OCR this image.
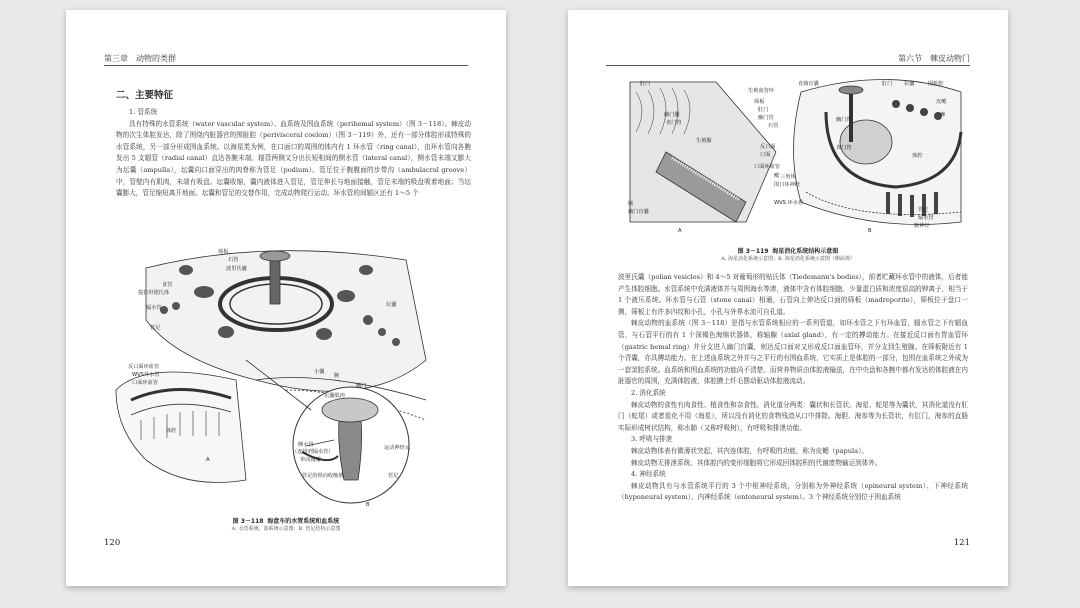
第三章　动物的类群
二、主要特征

1. 管系统

具有特殊的水管系统（water vascular system）、血系统及围血系统（perihemal system）（图 3－118）。棘皮动物的次生体腔发达，除了围绕内脏器官的围脏腔（perivisceral coelom）（图 3－119）外，还有一部分体腔形成特殊的水管系统，另一部分形成围血系统。以海星类为例，在口面口的周围的体内有 1 环水管（ring canal），由环水管向各腕发出 5 支辐管（radial canal）直达各腕末端。辐管两侧又分出长短相间的侧水管（lateral canal），侧水管末端又膨大为坛囊（ampulla），坛囊向口面穿出的肉脊称为管足（podium）。管足位于腕腹面的步带沟（ambulacral groove）中，管壁内有肌肉，末端有吸盘。坛囊收缩，囊内液体进入管足，管足伸长与地面接触，管足末端的吸盘吸着地面；当坛囊膨大，管足缩短离开地面。坛囊和管足的交替作用，完成动物爬行运动。环水管的间辐区还有 1～5 个

筛板
石管
波里氏囊
食管
提拉坦德氏体
辐水管
管足
反口面环血管
WVS环水管
口面环血管
坛囊
小囊
腕
体腔
坛囊肌肉
幽门
侧水管
（连接到辐水管）
单向阀瓣
管足的纵向收缩肌	管足
运动神经元
A
B
图 3－118 海盘车的水管系统和血系统
A. 水管系统、血系统示意图；B. 管足结构示意图
120
第六节　棘皮动物门
肛门
幽门囊
贲门胃
生殖腺
腕
幽门盲囊
生殖血管环
筛板
肛门
直肠盲囊
幽门管
石管
反口面
口面
幽门胃
贲门胃
口面环血管
鳃 三角体
围口环神经
WVS 环水管
肛门 坛囊	围脏腔
皮鳃
棘
体腔
管足
辐水管
腕神经
A	B
图 3－119 海星消化系统结构示意图
A. 海星消化系统示意图；B. 海星消化系统示意图（侧面观）

波里氏囊（polian vesicles）和 4～5 对葡萄形的贴氏体（Tiedemann's bodies），前者贮藏环水管中的液体，后者能产生体腔细胞。水管系统中充满液体并与周围海水等渗，液体中含有体腔细胞、少量蛋白质和浓度很高的钾离子，相当于 1 个液压系统。环水管与石管（stone canal）相通，石管向上伸达反口面的筛板（madreporite），筛板位于盘口一侧，筛板上有许多四纹和小孔，小孔与外界水流可自孔道。

棘皮动物的血系统（图 3－118）是指与水管系统相应的一系列管道，如环水管之下有环血管，辐水管之下有辐血管，与石管平行的有 1 个深褐色海绵状器体，称轴腺（axial gland），有一定的搏动能力。在接近反口面有胃血管环（gastric hemal ring）并分支进入幽门盲囊，则达反口面对又形成反口面血管环，并分支到生殖腺。在筛板附近有 1 个背囊，亦具搏动能力。在上述血系统之外并与之平行的有围血系统，它实质上是体腔的一部分，包围在血系统之外成为一套窦腔系统。血系统和围血系统的功能尚不清楚。而营养物质由体腔液输送，在中央盘和各腕中都有发达的体腔液在内脏器官的周围，充满体腔液，体腔膜上纤毛摆动驱动体腔液流动。

2. 消化系统

棘皮动物的食性有肉食性、植食性和杂食性。消化道分两类：囊状和长管状。海星、蛇尾等为囊状，其消化道没有肛门（蛇尾）或者退化不用（海星），所以没有消化的食物残渣从口中排除。海胆、海参等为长管状，有肛门，海参的直肠实际形成树状结构，称水肺（又称呼吸树），有呼吸和排泄功能。

3. 呼吸与排泄

棘皮动物体表有微薄状突起，其内连体腔，有呼吸的功能，称为皮鳃（papula）。

棘皮动物无排泄系统。其体腔内的变形细胞将它形成回体腔积的代谢废物输运到体外。

4. 神经系统

棘皮动物具有与水管系统平行的 3 个中枢神经系统，分别称为外神经系统（epineural system）、下神经系统（hyponeural system）、内神经系统（entoneural system）。3 个神经系统分别位于围血系统

121
